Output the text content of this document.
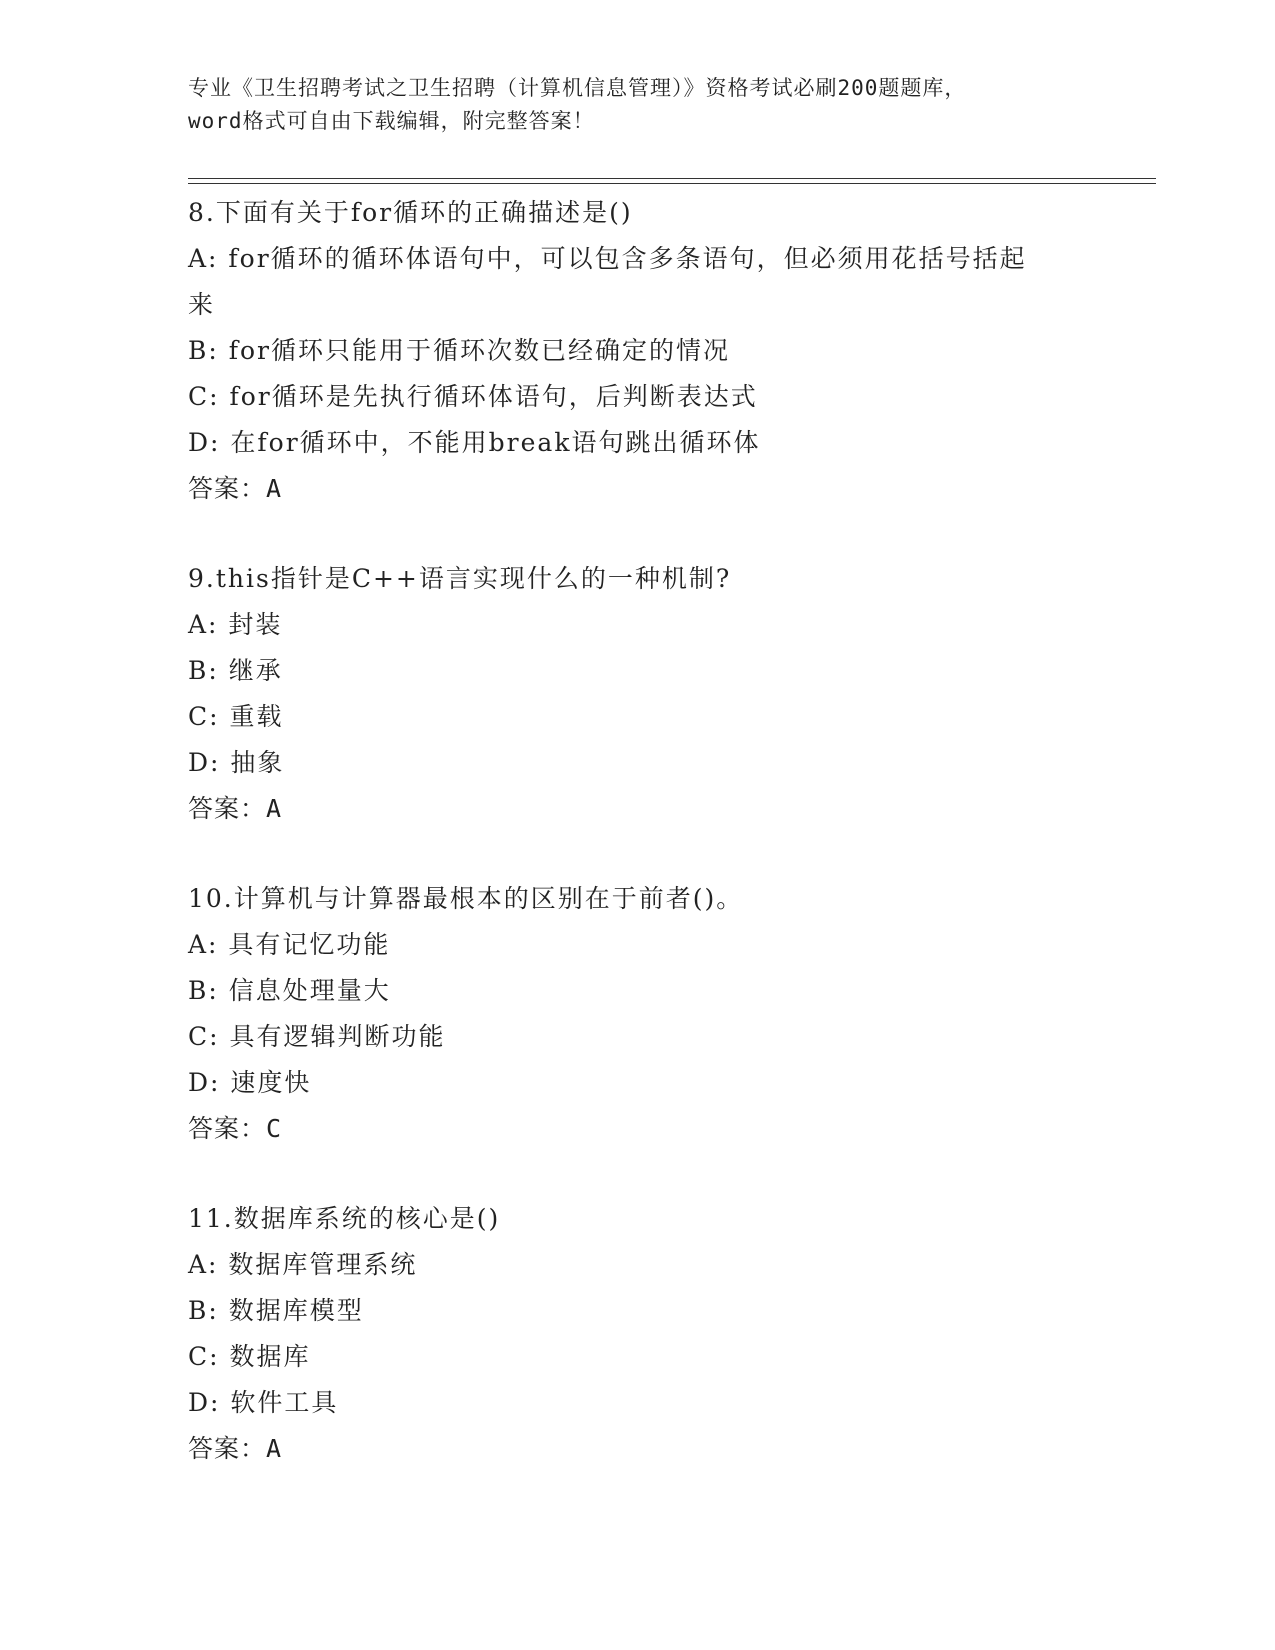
专业《卫生招聘考试之卫生招聘（计算机信息管理）》资格考试必刷200题题库，
word格式可自由下载编辑，附完整答案！
8.下面有关于for循环的正确描述是()
A: for循环的循环体语句中，可以包含多条语句，但必须用花括号括起来
B: for循环只能用于循环次数已经确定的情况
C: for循环是先执行循环体语句，后判断表达式
D: 在for循环中，不能用break语句跳出循环体
答案：A
9.this指针是C++语言实现什么的一种机制?
A: 封装
B: 继承
C: 重载
D: 抽象
答案：A
10.计算机与计算器最根本的区别在于前者()。
A: 具有记忆功能
B: 信息处理量大
C: 具有逻辑判断功能
D: 速度快
答案：C
11.数据库系统的核心是()
A: 数据库管理系统
B: 数据库模型
C: 数据库
D: 软件工具
答案：A
